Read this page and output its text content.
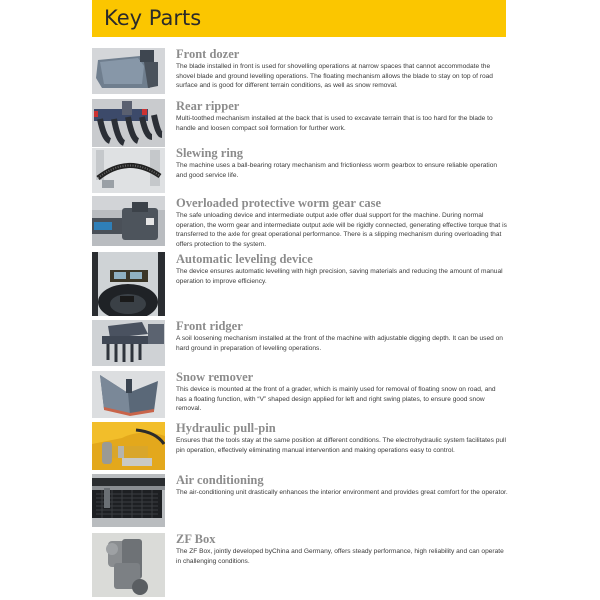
Key Parts

Front dozer

The blade installed in front is used for shovelling operations at narrow spaces that cannot accommodate the shovel blade and ground levelling operations. The floating mechanism allows the blade to stay on top of road surface and is good for different terrain conditions, as well as snow removal.

Rear ripper

Multi-toothed mechanism installed at the back that is used to excavate terrain that is too hard for the blade to handle and loosen compact soil formation for further work.

Slewing ring

The machine uses a ball-bearing rotary mechanism and frictionless worm gearbox to ensure reliable operation and good service life.

Overloaded protective worm gear case

The safe unloading device and intermediate output axle offer dual support for the machine. During normal operation, the worm gear and intermediate output axle will be rigidly connected, generating effective torque that is transferred to the axle for great operational performance. There is a slipping mechanism during overloading that offers protection to the system.

Automatic leveling device

The device ensures automatic levelling with high precision, saving materials and reducing the amount of manual operation to improve efficiency.

Front ridger

A soil loosening mechanism installed at the front of the machine with adjustable digging depth. It can be used on hard ground in preparation of levelling operations.

Snow remover

This device is mounted at the front of a grader, which is mainly used for removal of floating snow on road, and has a floating function, with “V” shaped design applied for left and right swing plates, to ensure good snow removal.

Hydraulic pull-pin

Ensures that the tools stay at the same position at different conditions. The electrohydraulic system facilitates pull pin operation, effectively eliminating manual intervention and making operations easy to control.

Air conditioning

The air-conditioning unit drastically enhances the interior environment and provides great comfort for the operator.

ZF Box

The ZF Box, jointly developed byChina and Germany, offers steady performance, high reliability and can operate in challenging conditions.
